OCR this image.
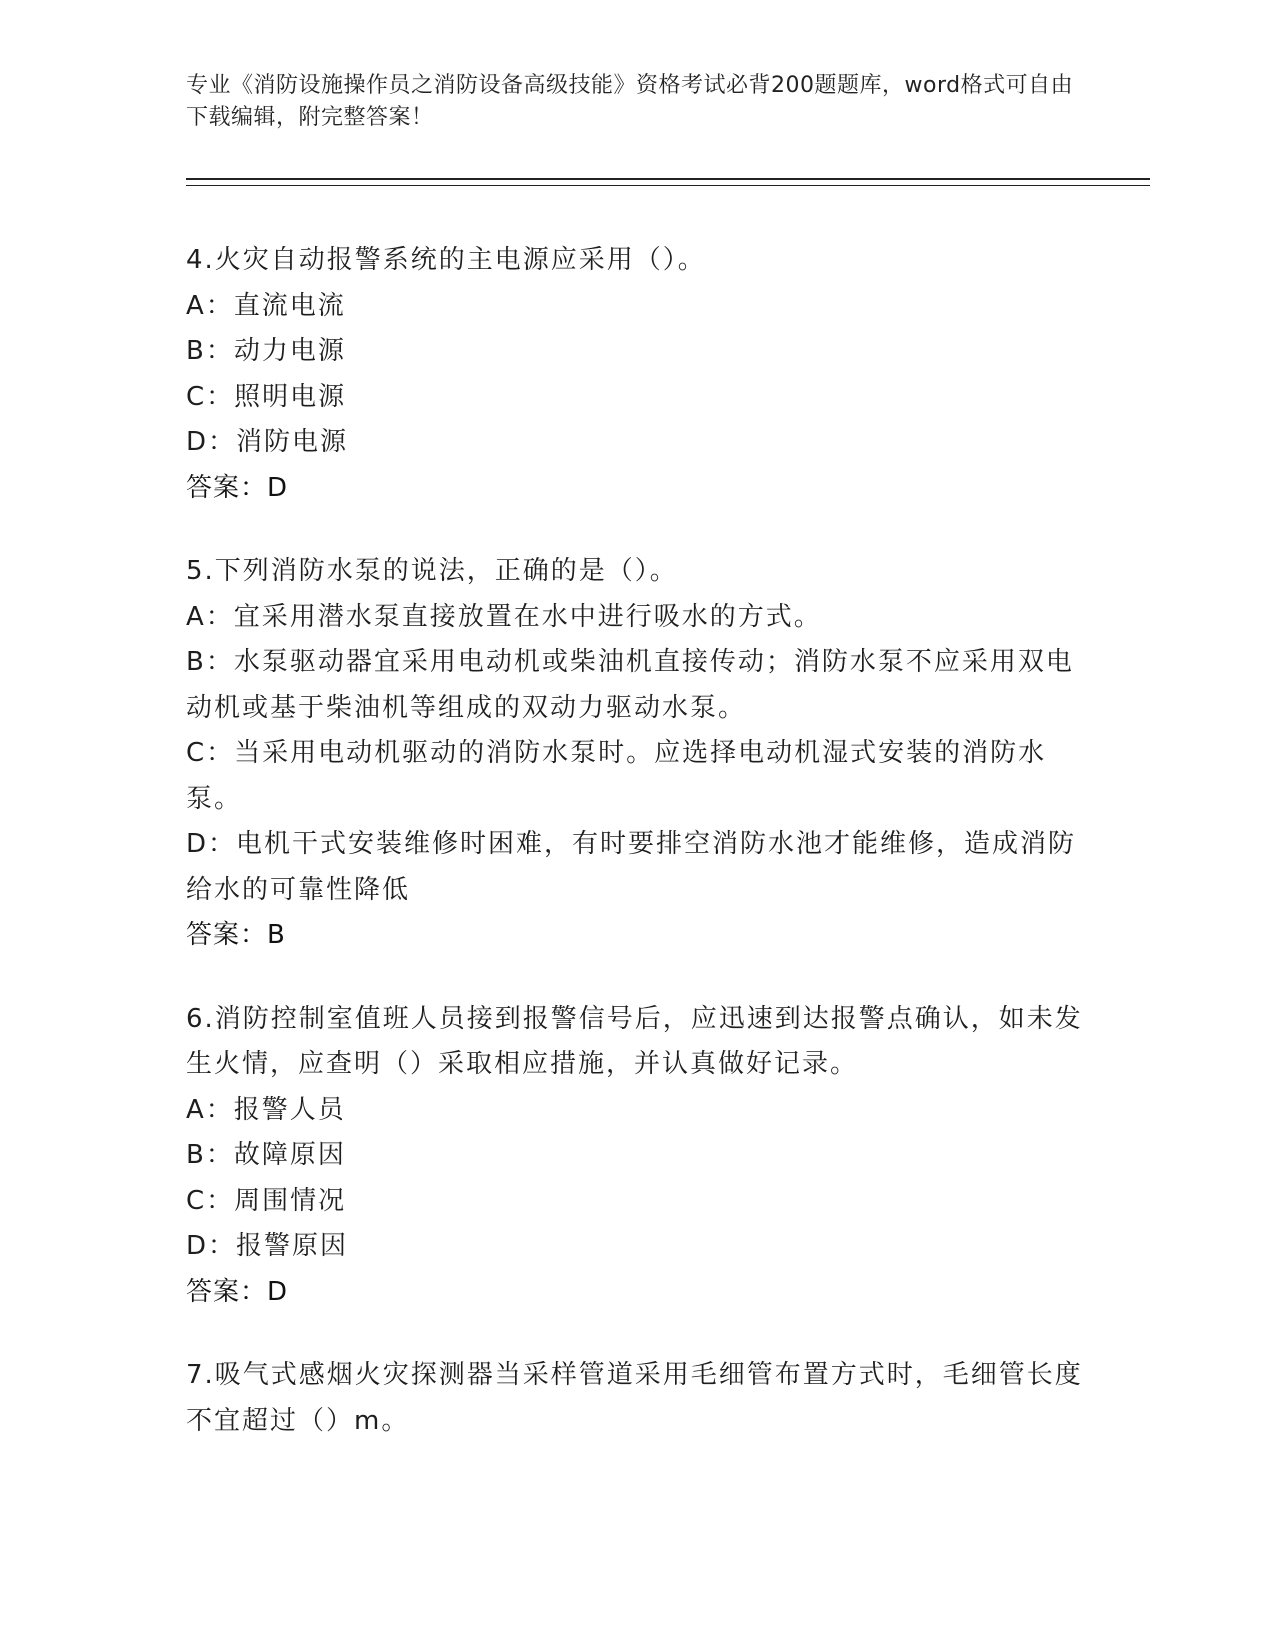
专业《消防设施操作员之消防设备高级技能》资格考试必背200题题库，word格式可自由下载编辑，附完整答案！
4.火灾自动报警系统的主电源应采用（）。
A：直流电流
B：动力电源
C：照明电源
D：消防电源
答案：D
5.下列消防水泵的说法，正确的是（）。
A：宜采用潜水泵直接放置在水中进行吸水的方式。
B：水泵驱动器宜采用电动机或柴油机直接传动；消防水泵不应采用双电动机或基于柴油机等组成的双动力驱动水泵。
C：当采用电动机驱动的消防水泵时。应选择电动机湿式安装的消防水泵。
D：电机干式安装维修时困难，有时要排空消防水池才能维修，造成消防给水的可靠性降低
答案：B
6.消防控制室值班人员接到报警信号后，应迅速到达报警点确认，如未发生火情，应查明（）采取相应措施，并认真做好记录。
A：报警人员
B：故障原因
C：周围情况
D：报警原因
答案：D
7.吸气式感烟火灾探测器当采样管道采用毛细管布置方式时，毛细管长度不宜超过（）m。
